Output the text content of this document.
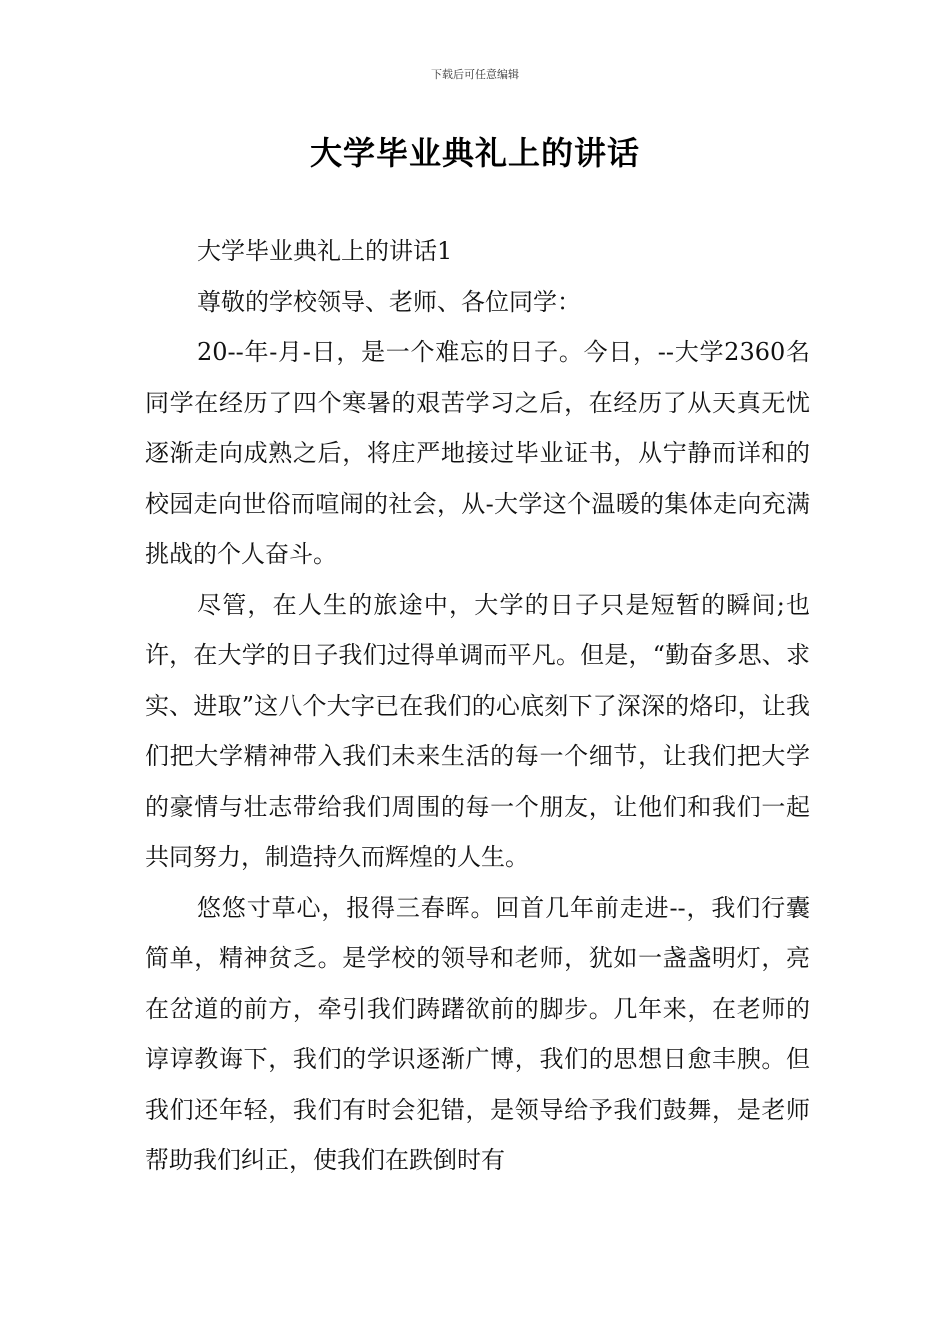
下载后可任意编辑
大学毕业典礼上的讲话

大学毕业典礼上的讲话1

尊敬的学校领导、老师、各位同学：

20--年-月-日，是一个难忘的日子。今日，--大学2360名同学在经历了四个寒暑的艰苦学习之后，在经历了从天真无忧逐渐走向成熟之后，将庄严地接过毕业证书，从宁静而详和的校园走向世俗而喧闹的社会，从-大学这个温暖的集体走向充满挑战的个人奋斗。

尽管，在人生的旅途中，大学的日子只是短暂的瞬间;也许，在大学的日子我们过得单调而平凡。但是，“勤奋多思、求实、进取”这八个大字已在我们的心底刻下了深深的烙印，让我们把大学精神带入我们未来生活的每一个细节，让我们把大学的豪情与壮志带给我们周围的每一个朋友，让他们和我们一起共同努力，制造持久而辉煌的人生。

悠悠寸草心，报得三春晖。回首几年前走进--，我们行囊简单，精神贫乏。是学校的领导和老师，犹如一盏盏明灯，亮在岔道的前方，牵引我们踌躇欲前的脚步。几年来，在老师的谆谆教诲下，我们的学识逐渐广博，我们的思想日愈丰腴。但我们还年轻，我们有时会犯错，是领导给予我们鼓舞，是老师帮助我们纠正，使我们在跌倒时有
